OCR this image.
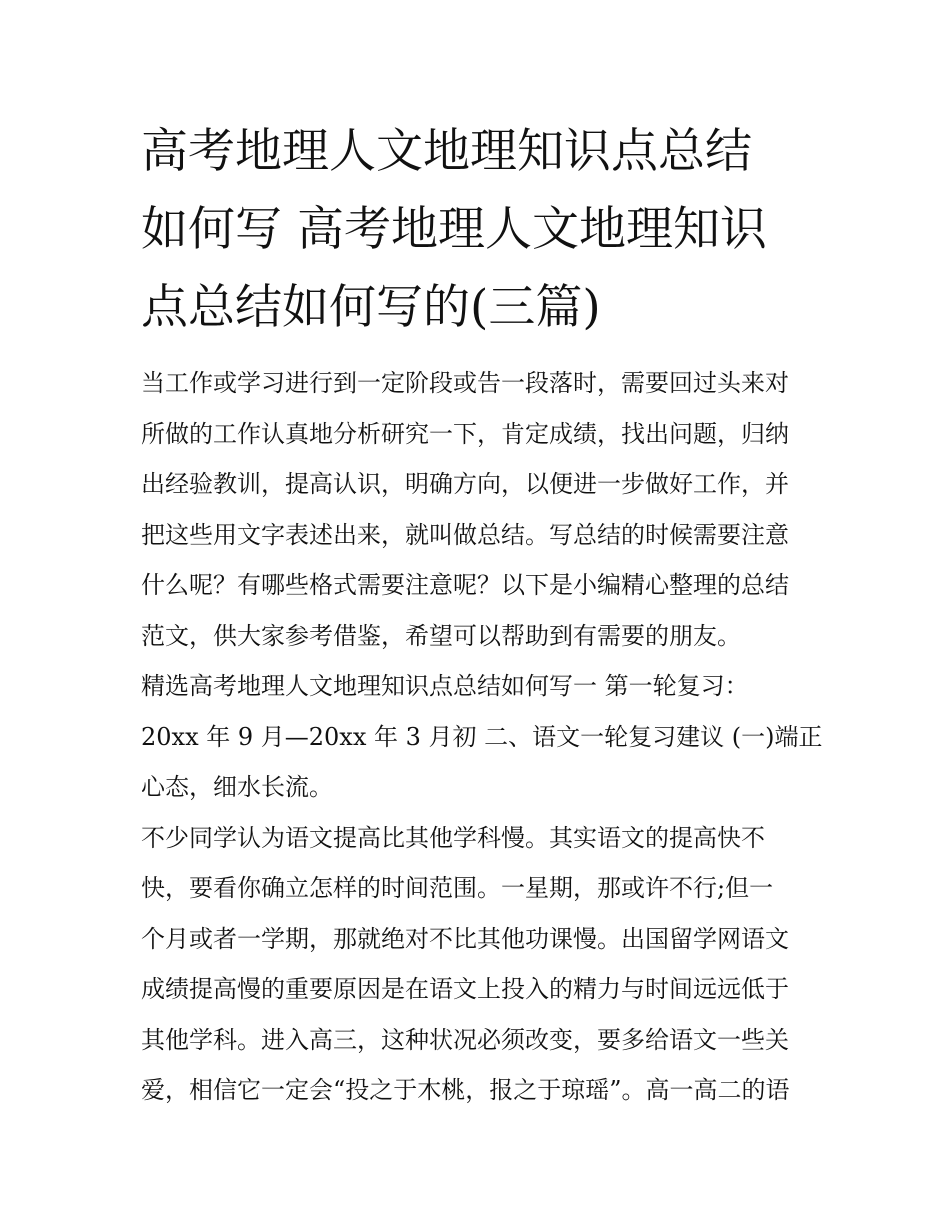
高考地理人文地理知识点总结
如何写 高考地理人文地理知识
点总结如何写的(三篇)
当工作或学习进行到一定阶段或告一段落时，需要回过头来对
所做的工作认真地分析研究一下，肯定成绩，找出问题，归纳
出经验教训，提高认识，明确方向，以便进一步做好工作，并
把这些用文字表述出来，就叫做总结。写总结的时候需要注意
什么呢？有哪些格式需要注意呢？以下是小编精心整理的总结
范文，供大家参考借鉴，希望可以帮助到有需要的朋友。
精选高考地理人文地理知识点总结如何写一 第一轮复习：
20xx 年 9 月—20xx 年 3 月初 二、语文一轮复习建议 (一)端正
心态，细水长流。
不少同学认为语文提高比其他学科慢。其实语文的提高快不
快，要看你确立怎样的时间范围。一星期，那或许不行;但一
个月或者一学期，那就绝对不比其他功课慢。出国留学网语文
成绩提高慢的重要原因是在语文上投入的精力与时间远远低于
其他学科。进入高三，这种状况必须改变，要多给语文一些关
爱，相信它一定会“投之于木桃，报之于琼瑶”。高一高二的语
